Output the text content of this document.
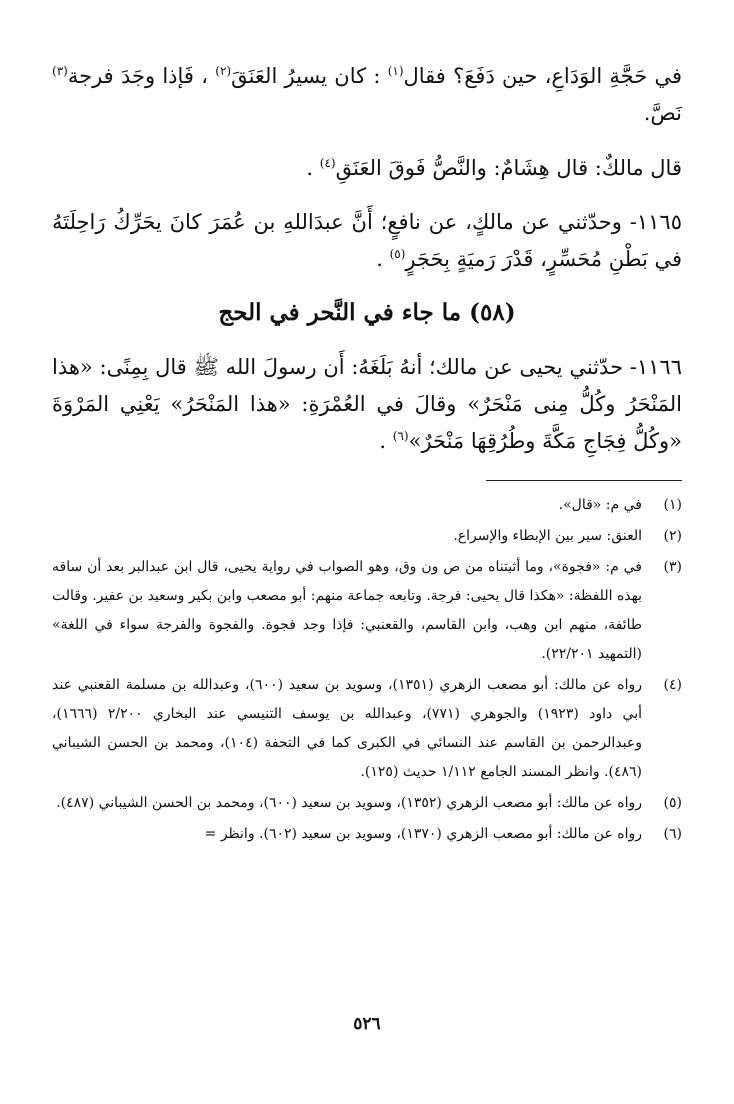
في حَجَّةِ الوَدَاعِ، حين دَفَعَ؟ فقال$^{(١)}$ : كان يسيرُ العَنَقَ$^{(٢)}$ ، فَإذا وجَدَ فرجة$^{(٣)}$ نَصَّ.

قال مالكٌ: قال هِشَامٌ: والنَّصُّ فَوقَ العَنَقِ$^{(٤)}$ .

١١٦٥- وحدّثني عن مالكٍ، عن نافعٍ؛ أَنَّ عبدَاللهِ بن عُمَرَ كانَ يحَرِّكُ رَاحِلَتَهُ في بَطْنِ مُحَسِّرٍ، قَدْرَ رَميَةٍ بِحَجَرٍ$^{(٥)}$ .

(٥٨) ما جاء في النَّحر في الحج

١١٦٦- حدّثني يحيى عن مالك؛ أنهُ بَلَغَهُ: أَن رسولَ الله ﷺ قال بِمِنًى: «هذا المَنْحَرُ وكُلُّ مِنى مَنْحَرٌ» وقالَ في العُمْرَةِ: «هذا المَنْحَرُ» يَعْنِي المَرْوَةَ «وكُلُّ فِجَاجِ مَكَّةَ وطُرُقِهَا مَنْحَرٌ»$^{(٦)}$ .

(١)
في م: «قال».
(٢)
العنق: سير بين الإبطاء والإسراع.
(٣)
في م: «فجوة»، وما أثبتناه من ص ون وق، وهو الصواب في رواية يحيى، قال ابن عبدالبر بعد أن ساقه بهذه اللفظة: «هكذا قال يحيى: فرجة. وتابعه جماعة منهم: أبو مصعب وابن بكير وسعيد بن عفير. وقالت طائفة، منهم ابن وهب، وابن القاسم، والقعنبي: فإذا وجد فجوة. والفجوة والفرجة سواء في اللغة» (التمهيد ٢٢/٢٠١).
(٤)
رواه عن مالك: أبو مصعب الزهري (١٣٥١)، وسويد بن سعيد (٦٠٠)، وعبدالله بن مسلمة القعنبي عند أبي داود (١٩٢٣) والجوهري (٧٧١)، وعبدالله بن يوسف التنيسي عند البخاري ٢/٢٠٠ (١٦٦٦)، وعبدالرحمن بن القاسم عند النسائي في الكبرى كما في التحفة (١٠٤)، ومحمد بن الحسن الشيباني (٤٨٦). وانظر المسند الجامع ١/١١٢ حديث (١٢٥).
(٥)
رواه عن مالك: أبو مصعب الزهري (١٣٥٢)، وسويد بن سعيد (٦٠٠)، ومحمد بن الحسن الشيباني (٤٨٧).
(٦)
رواه عن مالك: أبو مصعب الزهري (١٣٧٠)، وسويد بن سعيد (٦٠٢). وانظر =
٥٢٦
